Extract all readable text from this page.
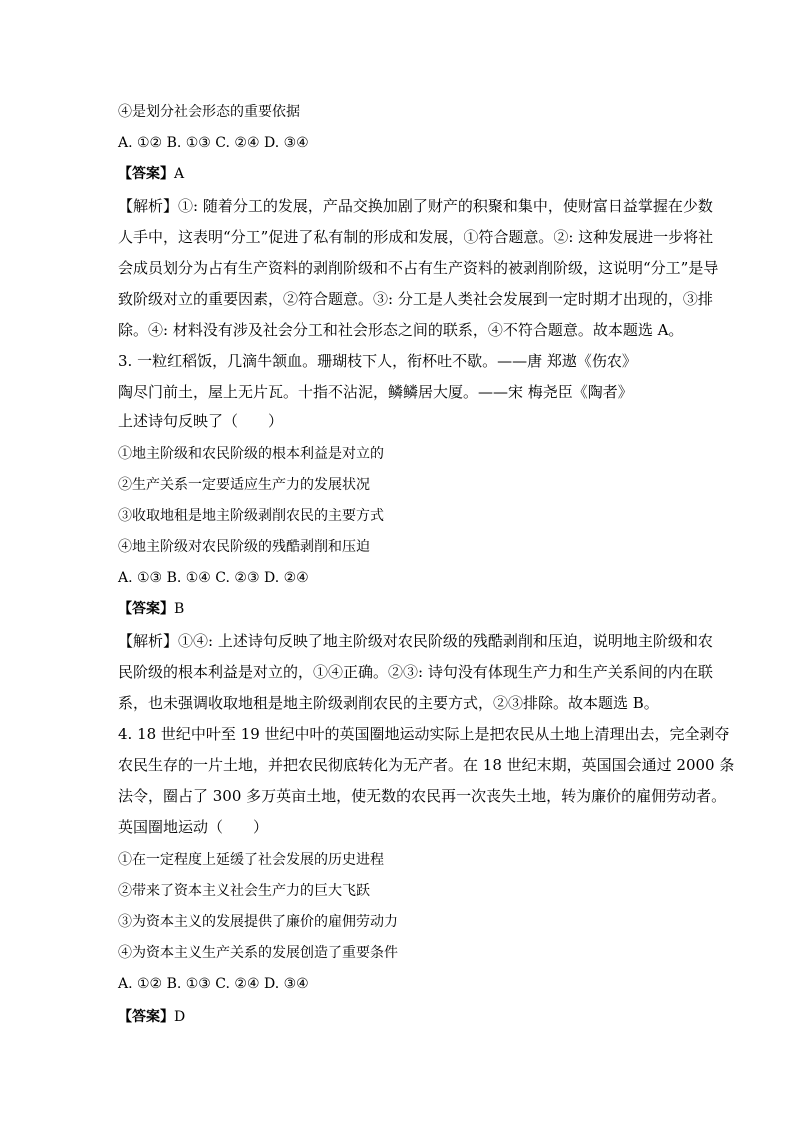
④是划分社会形态的重要依据
A. ①② B. ①③ C. ②④ D. ③④
【答案】A
【解析】①: 随着分工的发展，产品交换加剧了财产的积聚和集中，使财富日益掌握在少数
人手中，这表明“分工”促进了私有制的形成和发展，①符合题意。②: 这种发展进一步将社
会成员划分为占有生产资料的剥削阶级和不占有生产资料的被剥削阶级，这说明“分工”是导
致阶级对立的重要因素，②符合题意。③: 分工是人类社会发展到一定时期才出现的，③排
除。④: 材料没有涉及社会分工和社会形态之间的联系，④不符合题意。故本题选 A。
3. 一粒红稻饭，几滴牛颔血。珊瑚枝下人，衔杯吐不歇。——唐 郑遨《伤农》
陶尽门前土，屋上无片瓦。十指不沾泥，鳞鳞居大厦。——宋 梅尧臣《陶者》
上述诗句反映了（　　）
①地主阶级和农民阶级的根本利益是对立的
②生产关系一定要适应生产力的发展状况
③收取地租是地主阶级剥削农民的主要方式
④地主阶级对农民阶级的残酷剥削和压迫
A. ①③ B. ①④ C. ②③ D. ②④
【答案】B
【解析】①④: 上述诗句反映了地主阶级对农民阶级的残酷剥削和压迫，说明地主阶级和农
民阶级的根本利益是对立的，①④正确。②③: 诗句没有体现生产力和生产关系间的内在联
系，也未强调收取地租是地主阶级剥削农民的主要方式，②③排除。故本题选 B。
4. 18 世纪中叶至 19 世纪中叶的英国圈地运动实际上是把农民从土地上清理出去，完全剥夺
农民生存的一片土地，并把农民彻底转化为无产者。在 18 世纪末期，英国国会通过 2000 条
法令，圈占了 300 多万英亩土地，使无数的农民再一次丧失土地，转为廉价的雇佣劳动者。
英国圈地运动（　　）
①在一定程度上延缓了社会发展的历史进程
②带来了资本主义社会生产力的巨大飞跃
③为资本主义的发展提供了廉价的雇佣劳动力
④为资本主义生产关系的发展创造了重要条件
A. ①② B. ①③ C. ②④ D. ③④
【答案】D
